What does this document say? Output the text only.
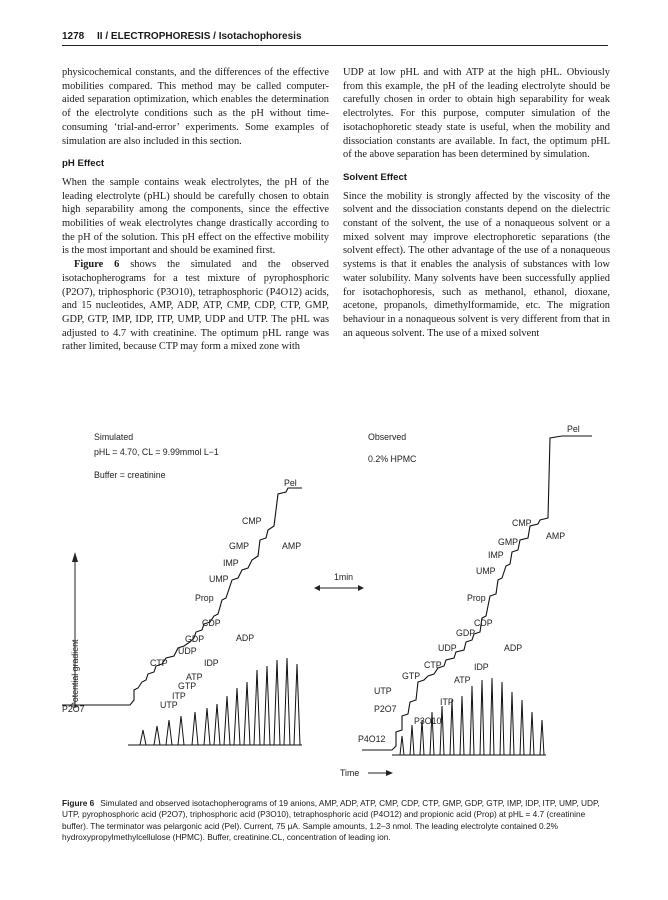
1278 II / ELECTROPHORESIS / Isotachophoresis

physicochemical constants, and the differences of the effective mobilities compared. This method may be called computer-aided separation optimization, which enables the determination of the electrolyte conditions such as the pH without time-consuming ‘trial-and-error’ experiments. Some examples of simulation are also included in this section.

pH Effect

When the sample contains weak electrolytes, the pH of the leading electrolyte (pHL) should be carefully chosen to obtain high separability among the components, since the effective mobilities of weak electrolytes change drastically according to the pH of the solution. This pH effect on the effective mobility is the most important and should be examined first.

Figure 6 shows the simulated and the observed isotachopherograms for a test mixture of pyrophosphoric (P2O7), triphosphoric (P3O10), tetraphosphoric (P4O12) acids, and 15 nucleotides, AMP, ADP, ATP, CMP, CDP, CTP, GMP, GDP, GTP, IMP, IDP, ITP, UMP, UDP and UTP. The pHL was adjusted to 4.7 with creatinine. The optimum pHL range was rather limited, because CTP may form a mixed zone with

UDP at low pHL and with ATP at the high pHL. Obviously from this example, the pH of the leading electrolyte should be carefully chosen in order to obtain high separability for weak electrolytes. For this purpose, computer simulation of the isotachophoretic steady state is useful, when the mobility and dissociation constants are available. In fact, the optimum pHL of the above separation has been determined by simulation.

Solvent Effect

Since the mobility is strongly affected by the viscosity of the solvent and the dissociation constants depend on the dielectric constant of the solvent, the use of a nonaqueous solvent or a mixed solvent may improve electrophoretic separations (the solvent effect). The other advantage of the use of a nonaqueous systems is that it enables the analysis of substances with low water solubility. Many solvents have been successfully applied for isotachophoresis, such as methanol, ethanol, dioxane, acetone, propanols, dimethylformamide, etc. The migration behaviour in a nonaqueous solvent is very different from that in an aqueous solvent. The use of a mixed solvent

Simulated
pHL = 4.70, CL = 9.99mmol L−1
Buffer = creatinine
Observed
0.2% HPMC
Potential gradient
Time
1min
Pel
CMP
GMP	AMP
IMP
UMP
Prop
CDP
GDP	ADP
UDP
CTP	IDP
ATP
GTP
ITP
UTP
P2O7
Pel
CMP
AMP
GMP
IMP
UMP
Prop
CDP
GDP
UDP	ADP
CTP	IDP
GTP	ATP
UTP
ITP
P2O7
P3O10
P4O12
Figure 6 Simulated and observed isotachopherograms of 19 anions, AMP, ADP, ATP, CMP, CDP, CTP, GMP, GDP, GTP, IMP, IDP, ITP, UMP, UDP, UTP, pyrophosphoric acid (P2O7), triphosphoric acid (P3O10), tetraphosphoric acid (P4O12) and propionic acid (Prop) at pHL = 4.7 (creatinine buffer). The terminator was pelargonic acid (Pel). Current, 75 μA. Sample amounts, 1.2–3 nmol. The leading electrolyte contained 0.2% hydroxypropylmethylcellulose (HPMC). Buffer, creatinine.CL, concentration of leading ion.
